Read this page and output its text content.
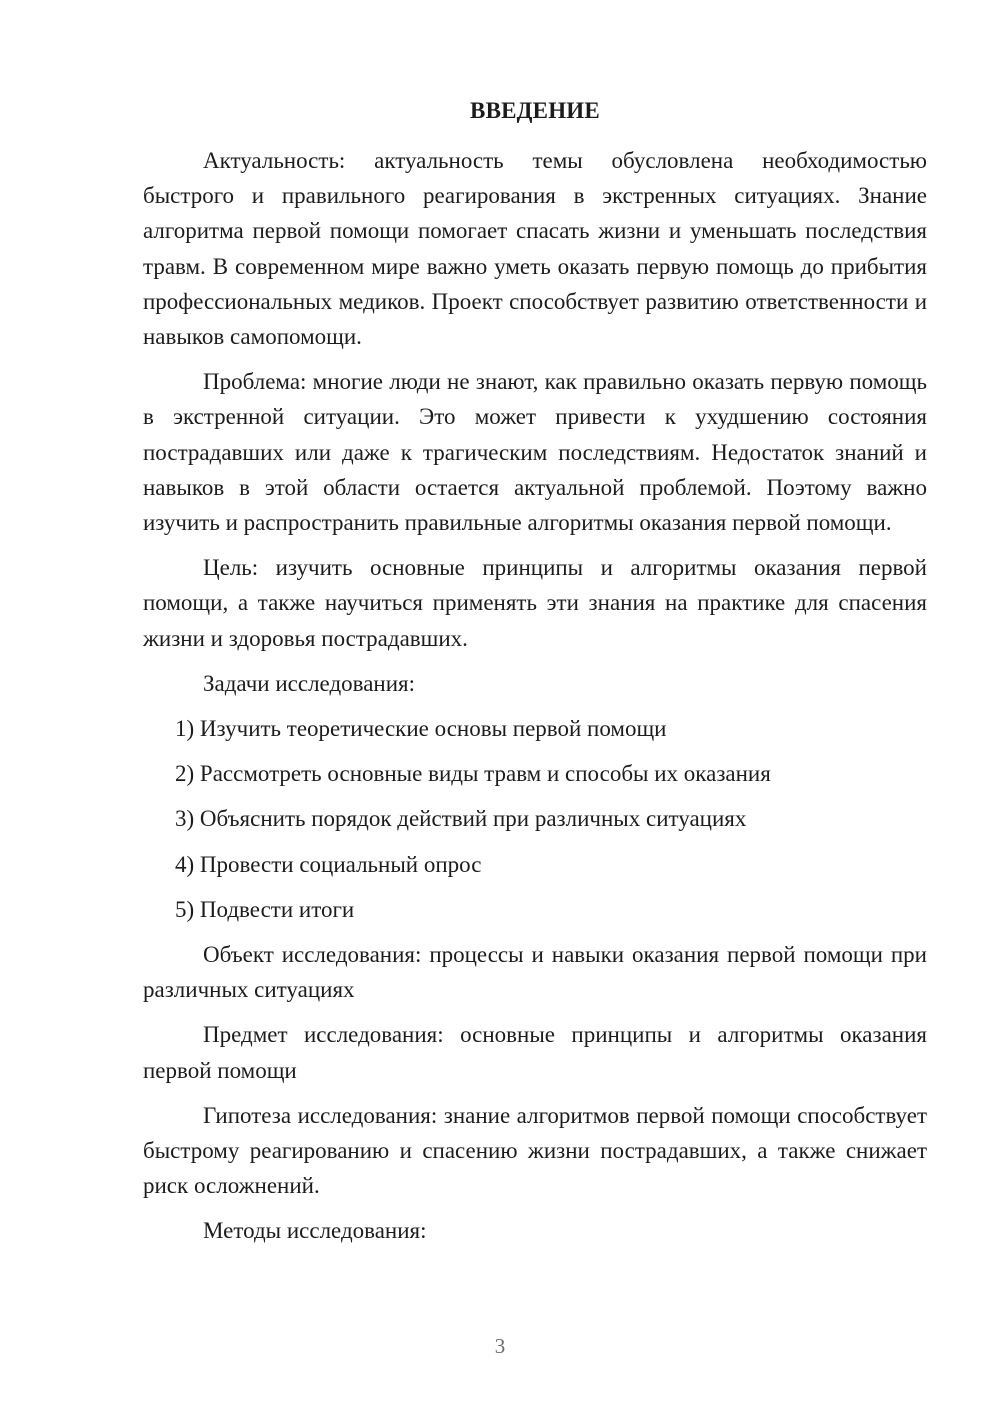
ВВЕДЕНИЕ

Актуальность: актуальность темы обусловлена необходимостью быстрого и правильного реагирования в экстренных ситуациях. Знание алгоритма первой помощи помогает спасать жизни и уменьшать последствия травм. В современном мире важно уметь оказать первую помощь до прибытия профессиональных медиков. Проект способствует развитию ответственности и навыков самопомощи.

Проблема: многие люди не знают, как правильно оказать первую помощь в экстренной ситуации. Это может привести к ухудшению состояния пострадавших или даже к трагическим последствиям. Недостаток знаний и навыков в этой области остается актуальной проблемой. Поэтому важно изучить и распространить правильные алгоритмы оказания первой помощи.

Цель: изучить основные принципы и алгоритмы оказания первой помощи, а также научиться применять эти знания на практике для спасения жизни и здоровья пострадавших.

Задачи исследования:

1) Изучить теоретические основы первой помощи

2) Рассмотреть основные виды травм и способы их оказания

3) Объяснить порядок действий при различных ситуациях

4) Провести социальный опрос

5) Подвести итоги

Объект исследования: процессы и навыки оказания первой помощи при различных ситуациях

Предмет исследования: основные принципы и алгоритмы оказания первой помощи

Гипотеза исследования: знание алгоритмов первой помощи способствует быстрому реагированию и спасению жизни пострадавших, а также снижает риск осложнений.

Методы исследования:

3
